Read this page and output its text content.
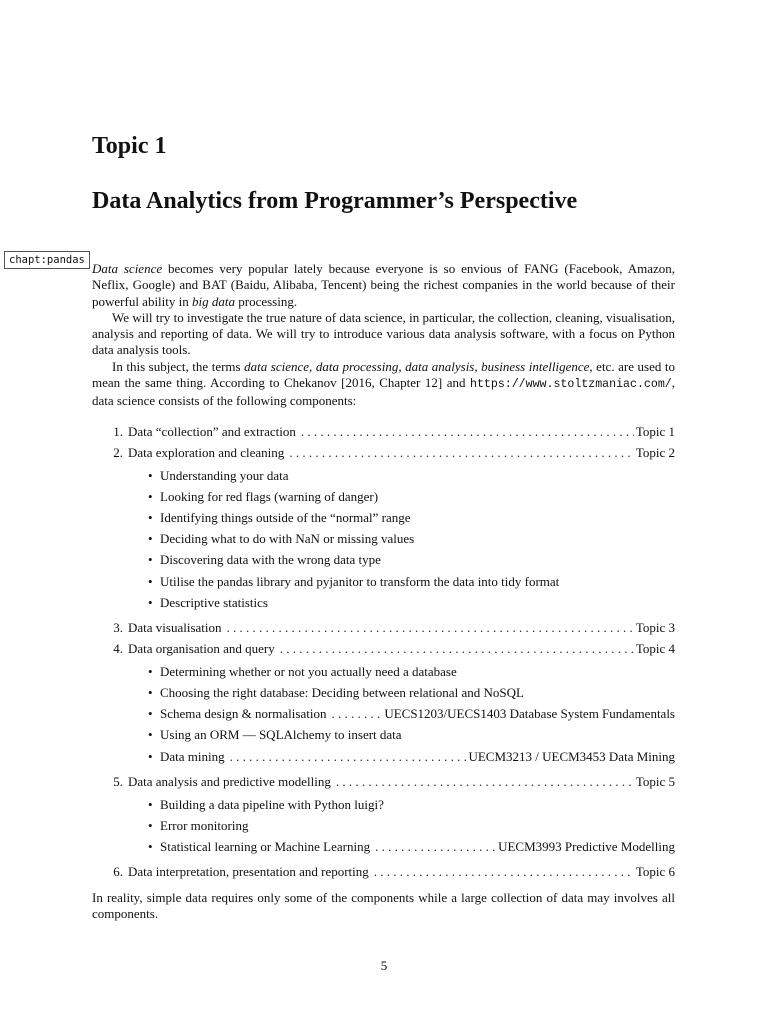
Topic 1
Data Analytics from Programmer’s Perspective
chapt:pandas

Data science becomes very popular lately because everyone is so envious of FANG (Facebook, Amazon, Neflix, Google) and BAT (Baidu, Alibaba, Tencent) being the richest companies in the world because of their powerful ability in big data processing.

We will try to investigate the true nature of data science, in particular, the collection, cleaning, visualisation, analysis and reporting of data. We will try to introduce various data analysis software, with a focus on Python data analysis tools.

In this subject, the terms data science, data processing, data analysis, business intelligence, etc. are used to mean the same thing. According to Chekanov [2016, Chapter 12] and https://www.stoltzmaniac.com/, data science consists of the following components:

1. Data “collection” and extraction . . .	Topic 1
2. Data exploration and cleaning . . .	Topic 2
• Understanding your data
• Looking for red flags (warning of danger)
• Identifying things outside of the “normal” range
• Deciding what to do with NaN or missing values
• Discovering data with the wrong data type
• Utilise the pandas library and pyjanitor to transform the data into tidy format
• Descriptive statistics
3. Data visualisation . . .	Topic 3
4. Data organisation and query . . .	Topic 4
• Determining whether or not you actually need a database
• Choosing the right database: Deciding between relational and NoSQL
• Schema design & normalisation . . .	UECS1203/UECS1403 Database System Fundamentals
• Using an ORM — SQLAlchemy to insert data
• Data mining . . .	UECM3213 / UECM3453 Data Mining
5. Data analysis and predictive modelling . . .	Topic 5
• Building a data pipeline with Python luigi?
• Error monitoring
• Statistical learning or Machine Learning . . .	UECM3993 Predictive Modelling
6. Data interpretation, presentation and reporting . . .	Topic 6

In reality, simple data requires only some of the components while a large collection of data may involves all components.

5
